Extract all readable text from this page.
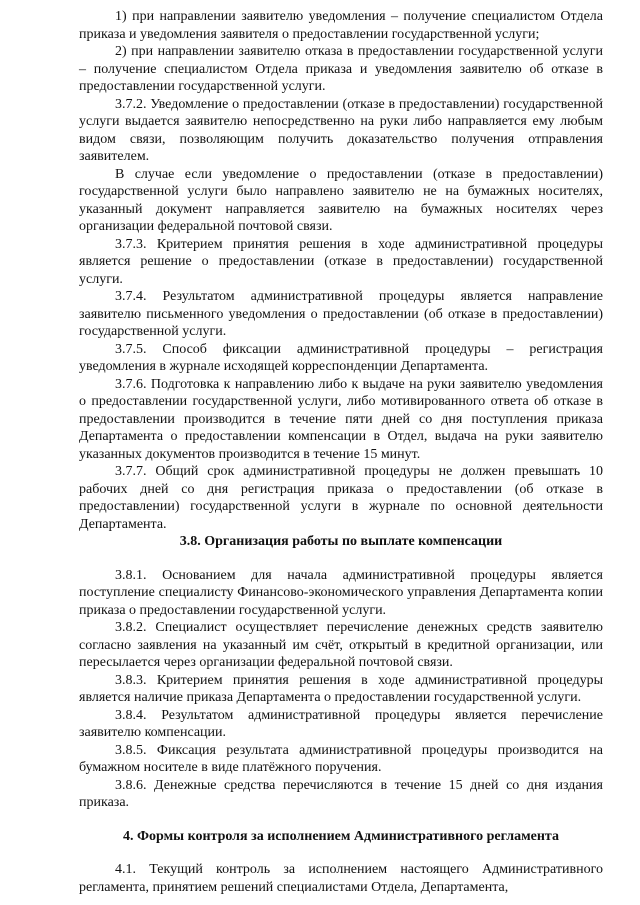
1) при направлении заявителю уведомления – получение специалистом Отдела приказа и уведомления заявителя о предоставлении государственной услуги;

2) при направлении заявителю отказа в предоставлении государственной услуги – получение специалистом Отдела приказа и уведомления заявителю об отказе в предоставлении государственной услуги.

3.7.2. Уведомление о предоставлении (отказе в предоставлении) государственной услуги выдается заявителю непосредственно на руки либо направляется ему любым видом связи, позволяющим получить доказательство получения отправления заявителем.

В случае если уведомление о предоставлении (отказе в предоставлении) государственной услуги было направлено заявителю не на бумажных носителях, указанный документ направляется заявителю на бумажных носителях через организации федеральной почтовой связи.

3.7.3. Критерием принятия решения в ходе административной процедуры является решение о предоставлении (отказе в предоставлении) государственной услуги.

3.7.4. Результатом административной процедуры является направление заявителю письменного уведомления о предоставлении (об отказе в предоставлении) государственной услуги.

3.7.5. Способ фиксации административной процедуры – регистрация уведомления в журнале исходящей корреспонденции Департамента.

3.7.6. Подготовка к направлению либо к выдаче на руки заявителю уведомления о предоставлении государственной услуги, либо мотивированного ответа об отказе в предоставлении производится в течение пяти дней со дня поступления приказа Департамента о предоставлении компенсации в Отдел, выдача на руки заявителю указанных документов производится в течение 15 минут.

3.7.7. Общий срок административной процедуры не должен превышать 10 рабочих дней со дня регистрация приказа о предоставлении (об отказе в предоставлении) государственной услуги в журнале по основной деятельности Департамента.

3.8. Организация работы по выплате компенсации

3.8.1. Основанием для начала административной процедуры является поступление специалисту Финансово-экономического управления Департамента копии приказа о предоставлении государственной услуги.

3.8.2. Специалист осуществляет перечисление денежных средств заявителю согласно заявления на указанный им счёт, открытый в кредитной организации, или пересылается через организации федеральной почтовой связи.

3.8.3. Критерием принятия решения в ходе административной процедуры является наличие приказа Департамента о предоставлении государственной услуги.

3.8.4. Результатом административной процедуры является перечисление заявителю компенсации.

3.8.5. Фиксация результата административной процедуры производится на бумажном носителе в виде платёжного поручения.

3.8.6. Денежные средства перечисляются в течение 15 дней со дня издания приказа.

4. Формы контроля за исполнением Административного регламента

4.1. Текущий контроль за исполнением настоящего Административного регламента, принятием решений специалистами Отдела, Департамента,
